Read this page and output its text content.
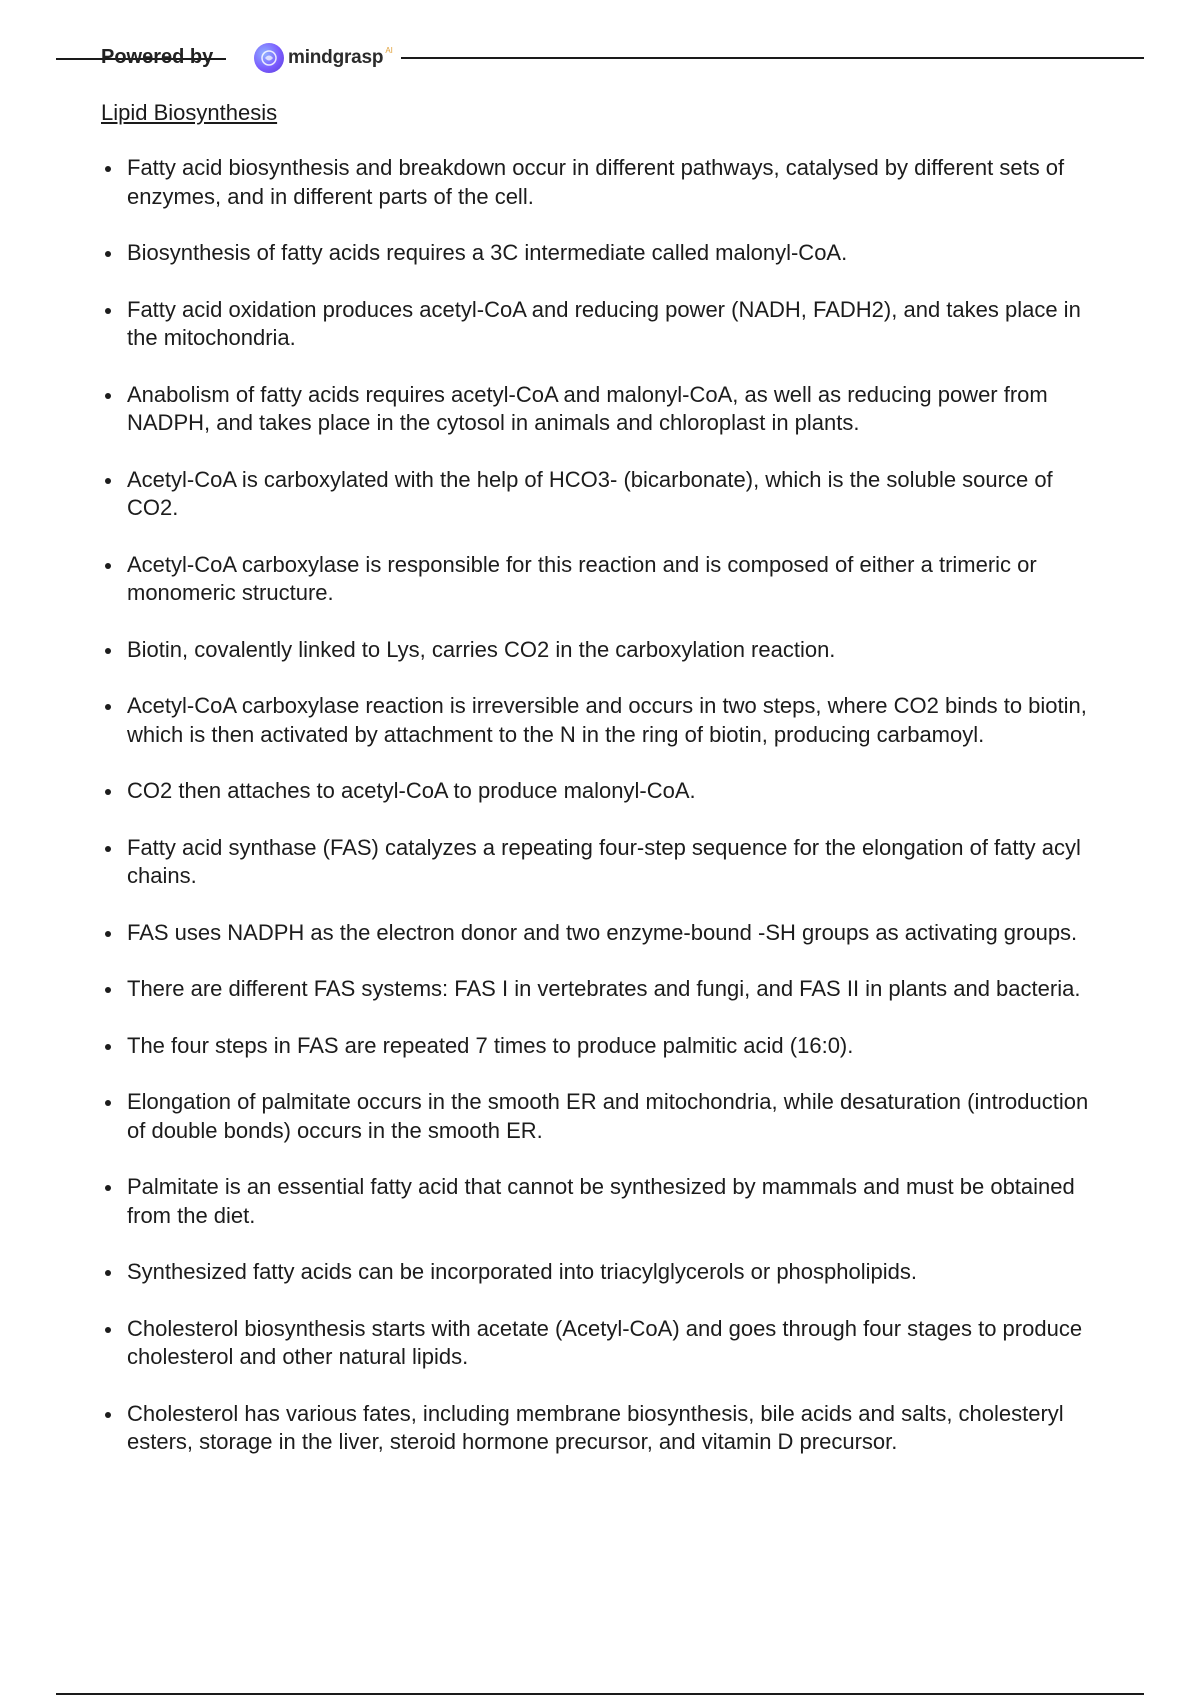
Powered by	mindgrasp AI
Lipid Biosynthesis
Fatty acid biosynthesis and breakdown occur in different pathways, catalysed by different sets of enzymes, and in different parts of the cell.
Biosynthesis of fatty acids requires a 3C intermediate called malonyl-CoA.
Fatty acid oxidation produces acetyl-CoA and reducing power (NADH, FADH2), and takes place in the mitochondria.
Anabolism of fatty acids requires acetyl-CoA and malonyl-CoA, as well as reducing power from NADPH, and takes place in the cytosol in animals and chloroplast in plants.
Acetyl-CoA is carboxylated with the help of HCO3- (bicarbonate), which is the soluble source of CO2.
Acetyl-CoA carboxylase is responsible for this reaction and is composed of either a trimeric or monomeric structure.
Biotin, covalently linked to Lys, carries CO2 in the carboxylation reaction.
Acetyl-CoA carboxylase reaction is irreversible and occurs in two steps, where CO2 binds to biotin, which is then activated by attachment to the N in the ring of biotin, producing carbamoyl.
CO2 then attaches to acetyl-CoA to produce malonyl-CoA.
Fatty acid synthase (FAS) catalyzes a repeating four-step sequence for the elongation of fatty acyl chains.
FAS uses NADPH as the electron donor and two enzyme-bound -SH groups as activating groups.
There are different FAS systems: FAS I in vertebrates and fungi, and FAS II in plants and bacteria.
The four steps in FAS are repeated 7 times to produce palmitic acid (16:0).
Elongation of palmitate occurs in the smooth ER and mitochondria, while desaturation (introduction of double bonds) occurs in the smooth ER.
Palmitate is an essential fatty acid that cannot be synthesized by mammals and must be obtained from the diet.
Synthesized fatty acids can be incorporated into triacylglycerols or phospholipids.
Cholesterol biosynthesis starts with acetate (Acetyl-CoA) and goes through four stages to produce cholesterol and other natural lipids.
Cholesterol has various fates, including membrane biosynthesis, bile acids and salts, cholesteryl esters, storage in the liver, steroid hormone precursor, and vitamin D precursor.
